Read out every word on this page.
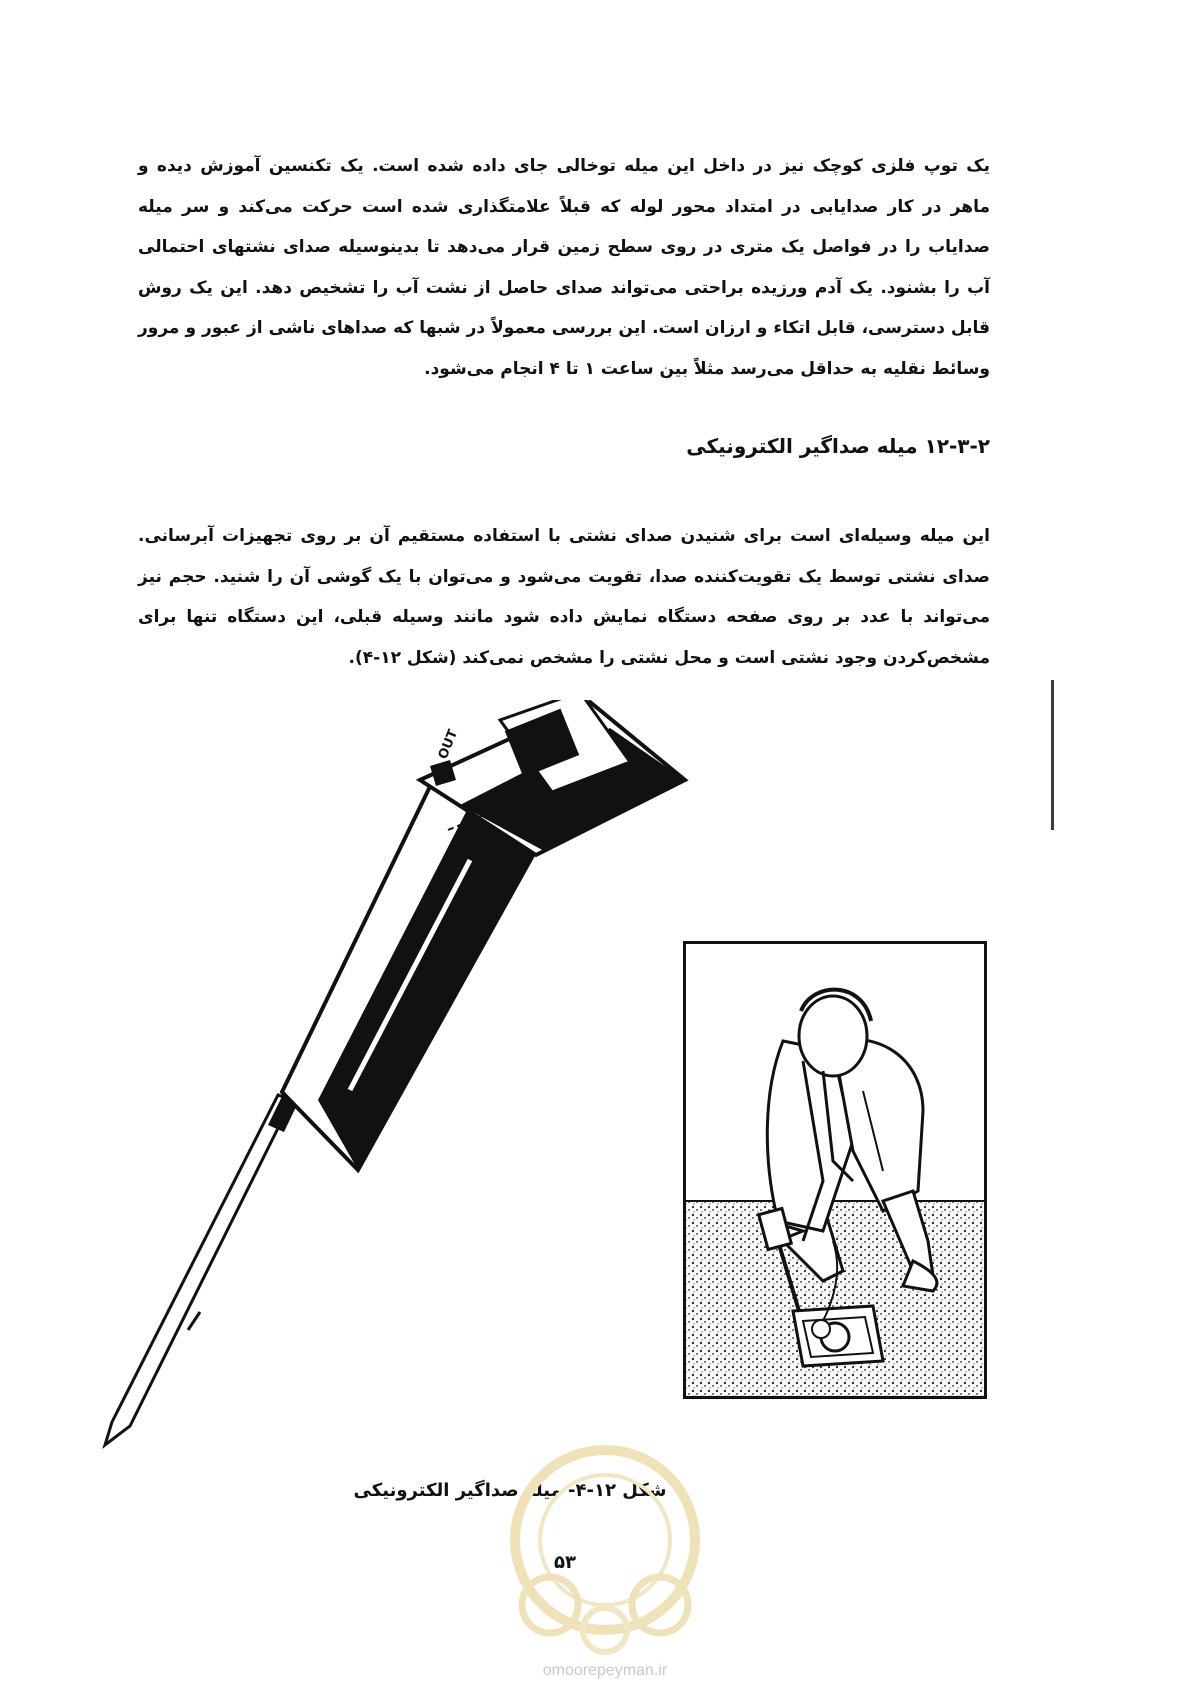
یک توپ فلزی کوچک نیز در داخل این میله توخالی جای داده شده است. یک تکنسین آموزش دیده و ماهر در کار صدایابی در امتداد محور لوله که قبلاً علامتگذاری شده است حرکت می‌کند و سر میله صدایاب را در فواصل یک متری در روی سطح زمین قرار می‌دهد تا بدینوسیله صدای نشتهای احتمالی آب را بشنود. یک آدم ورزیده براحتی می‌تواند صدای حاصل از نشت آب را تشخیص دهد. این یک روش قابل دسترسی، قابل اتکاء و ارزان است. این بررسی معمولاً در شبها که صداهای ناشی از عبور و مرور وسائط نقلیه به حداقل می‌رسد مثلاً بین ساعت ۱ تا ۴ انجام می‌شود.

۱۲-۳-۲ میله صداگیر الکترونیکی

این میله وسیله‌ای است برای شنیدن صدای نشتی با استفاده مستقیم آن بر روی تجهیزات آبرسانی. صدای نشتی توسط یک تقویت‌کننده صدا، تقویت می‌شود و می‌توان با یک گوشی آن را شنید. حجم نیز می‌تواند با عدد بر روی صفحه دستگاه نمایش داده شود مانند وسیله قبلی، این دستگاه تنها برای مشخص‌کردن وجود نشتی است و محل نشتی را مشخص نمی‌کند (شکل ۱۲-۴).

OUT
شکل ۱۲-۴- میله صداگیر الکترونیکی
۵۳
omoorepeyman.ir
